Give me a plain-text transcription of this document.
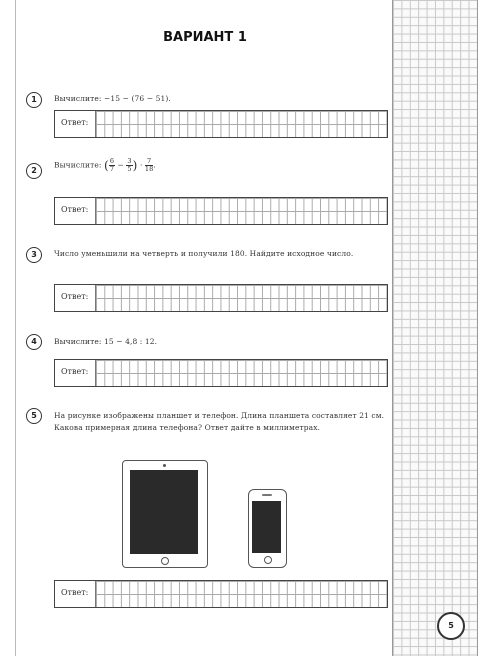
ВАРИАНТ 1
1	Вычислите: −15 − (76 − 51).
Ответ:
2
Вычислите: ( $\frac{6}{7} - \frac{3}{5}$ ) · $\frac{7}{18}$ .
Ответ:
3	Число уменьшили на четверть и получили 180. Найдите исходное число.
Ответ:
4	Вычислите: 15 − 4,8 : 12.
Ответ:
5	На рисунке изображены планшет и телефон. Длина планшета составляет 21 см. Какова примерная длина телефона? Ответ дайте в миллиметрах.
Ответ:
5
